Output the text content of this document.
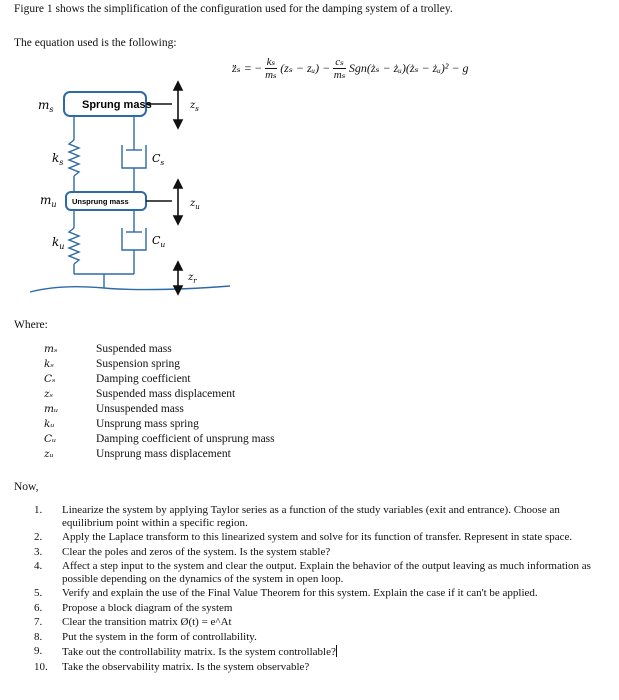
Figure 1 shows the simplification of the configuration used for the damping system of a trolley.
The equation used is the following:
z̈ₛ = − $\frac{\text{kₛ}}{\text{mₛ}} (z_s$ − zᵤ) − $\frac{\text{cₛ}}{\text{mₛ}}$ Sgn(żₛ − żᵤ)(żₛ − żᵤ)² − g
Sprung mass
Unsprung mass
$m_s$
$m_u$
$k_s$
$k_u$
$C_s$
$C_u$
$z_s$
$z_u$
$z_r$
Where:
mₛ	Suspended mass
kₛ	Suspension spring
Cₛ	Damping coefficient
zₛ	Suspended mass displacement
mᵤ	Unsuspended mass
kᵤ	Unsprung mass spring
Cᵤ	Damping coefficient of unsprung mass
zᵤ	Unsprung mass displacement
Now,
1. Linearize the system by applying Taylor series as a function of the study variables (exit and entrance). Choose an equilibrium point within a specific region.
2. Apply the Laplace transform to this linearized system and solve for its function of transfer. Represent in state space.
3. Clear the poles and zeros of the system. Is the system stable?
4. Affect a step input to the system and clear the output. Explain the behavior of the output leaving as much information as possible depending on the dynamics of the system in open loop.
5. Verify and explain the use of the Final Value Theorem for this system. Explain the case if it can't be applied.
6. Propose a block diagram of the system
7. Clear the transition matrix Ø(t) = e^At
8. Put the system in the form of controllability.
9. Take out the controllability matrix. Is the system controllable?
10. Take the observability matrix. Is the system observable?
